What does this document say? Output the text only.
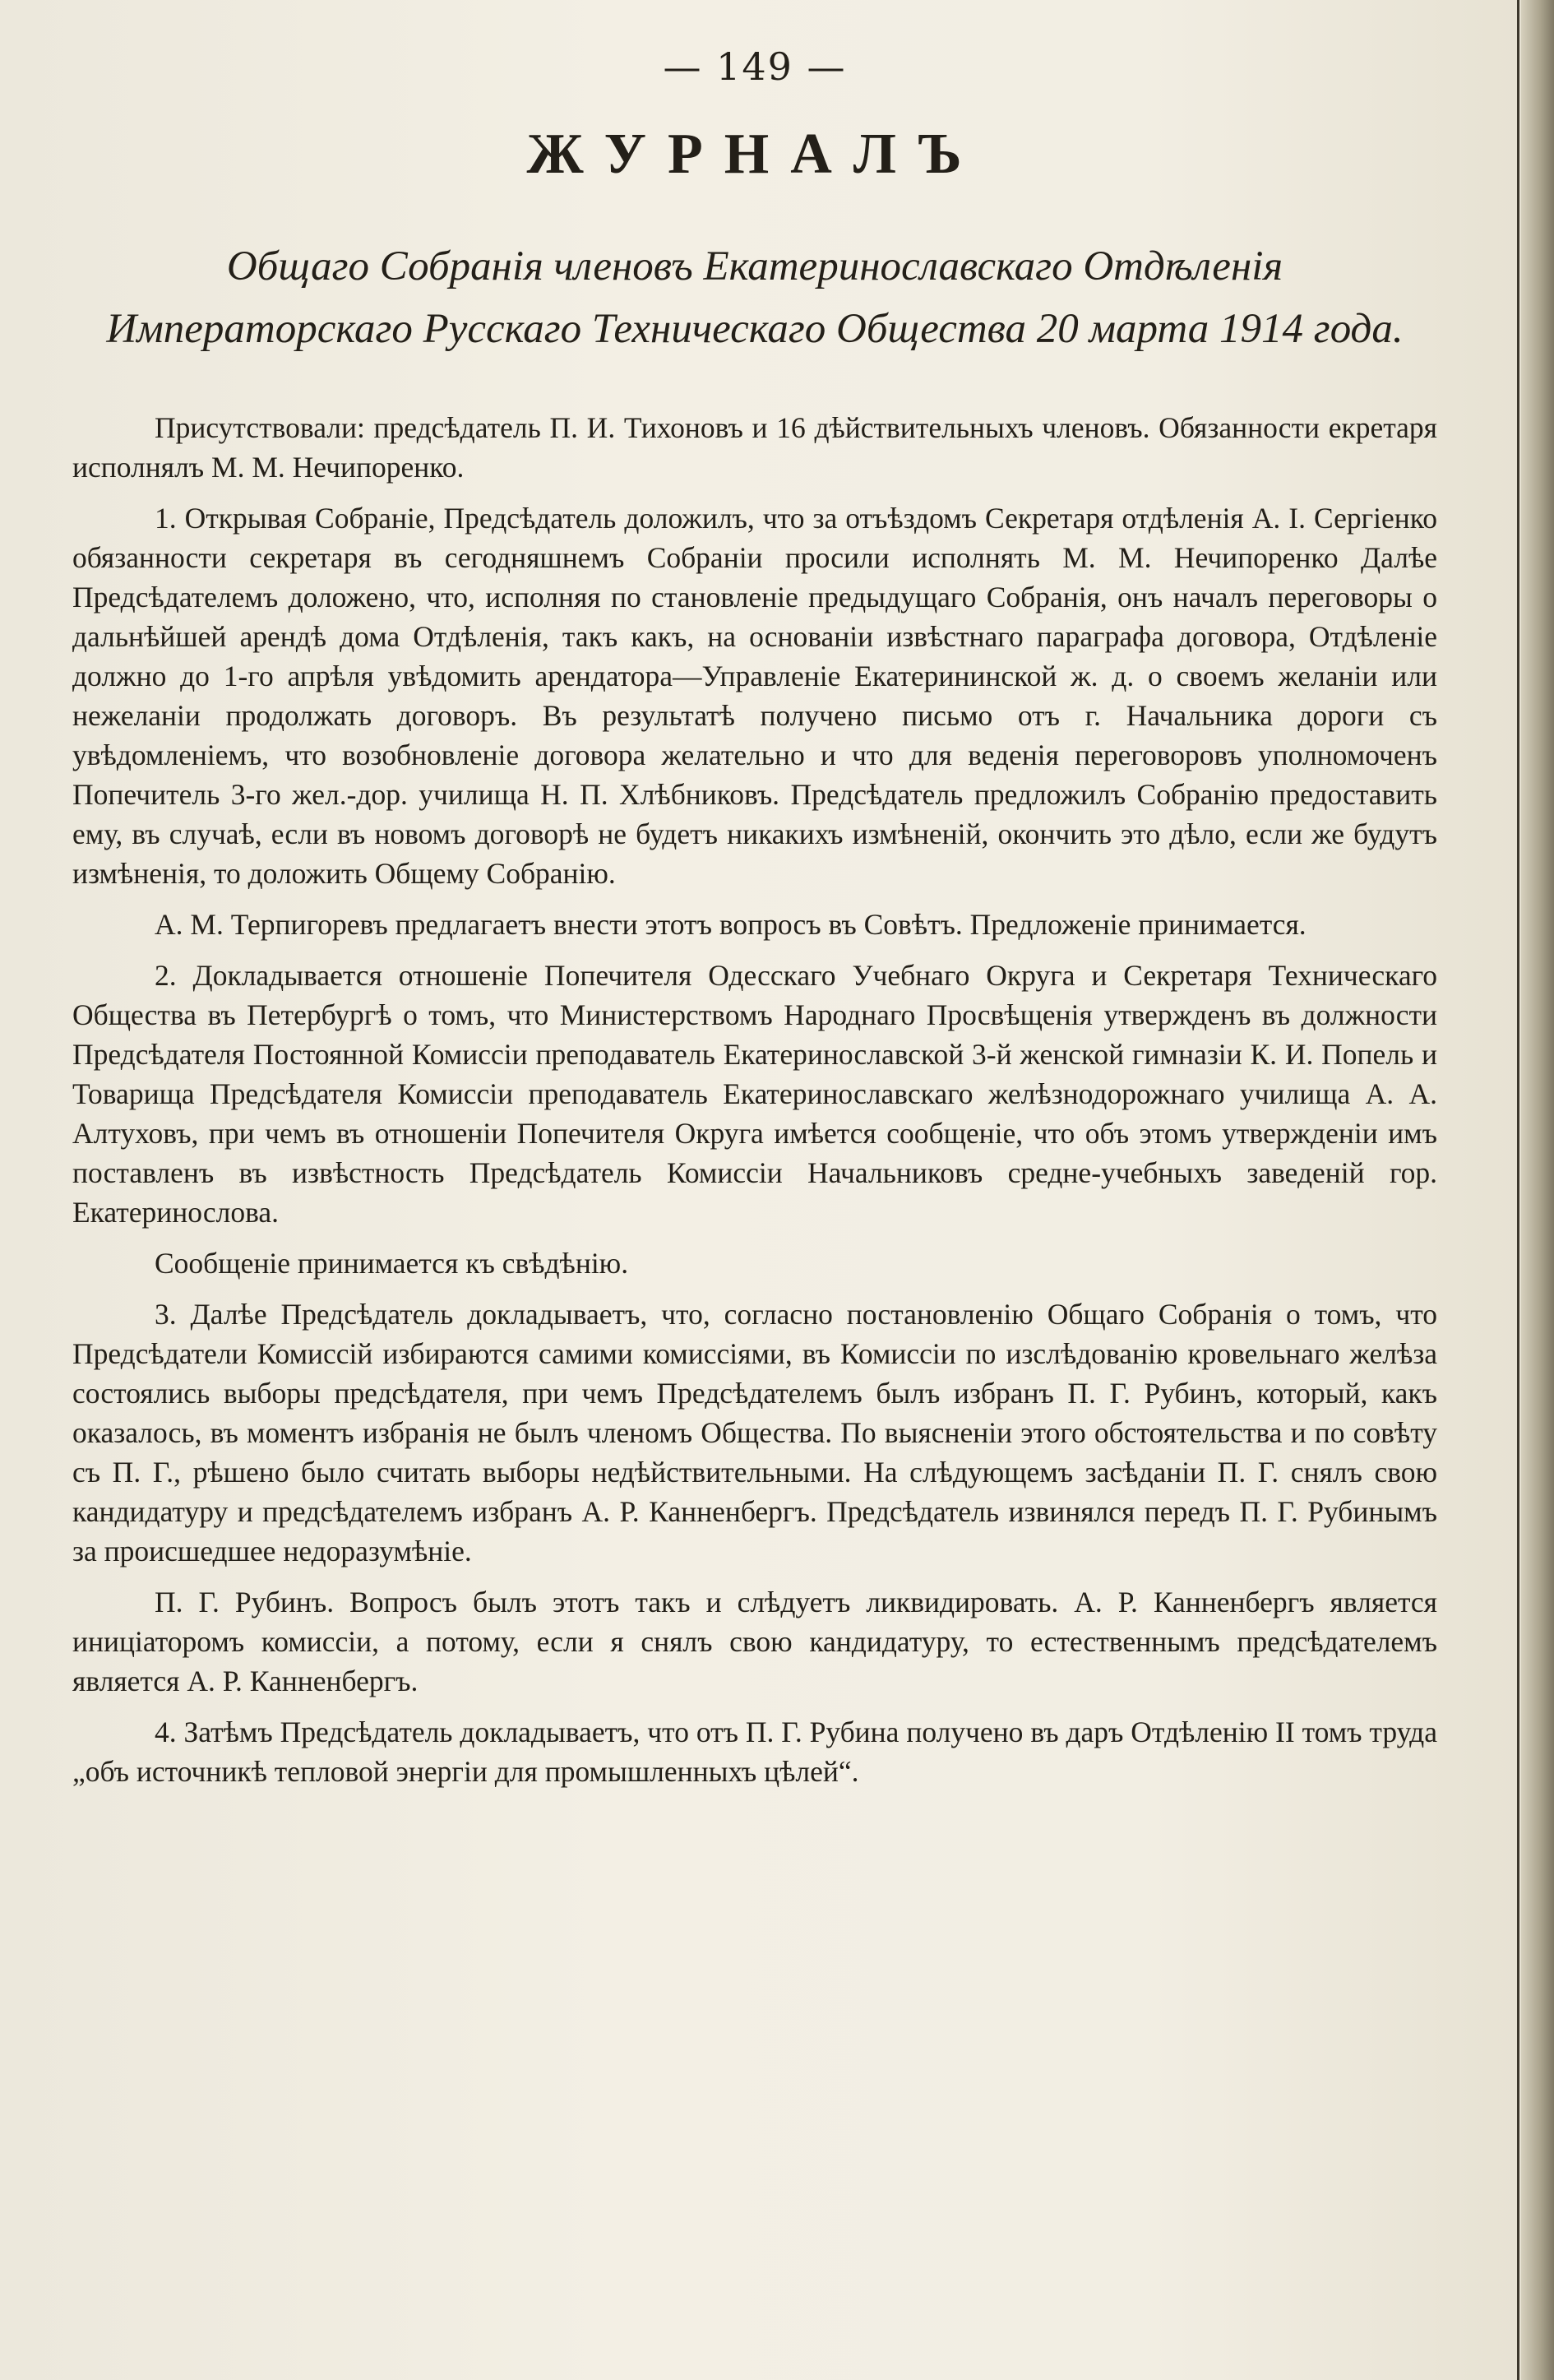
— 149 —
ЖУРНАЛЪ
Общаго Собранія членовъ Екатеринославскаго Отдѣленія Императорскаго Русскаго Техническаго Общества 20 марта 1914 года.

Присутствовали: предсѣдатель П. И. Тихоновъ и 16 дѣйствительныхъ членовъ. Обязанности екретаря исполнялъ М. М. Нечипоренко.

1. Открывая Собраніе, Предсѣдатель доложилъ, что за отъѣздомъ Секретаря отдѣленія А. I. Сергіенко обязанности секретаря въ сегодняшнемъ Собраніи просили исполнять М. М. Нечипоренко Далѣе Предсѣдателемъ доложено, что, исполняя по становленіе предыдущаго Собранія, онъ началъ переговоры о дальнѣйшей арендѣ дома Отдѣленія, такъ какъ, на основаніи извѣстнаго параграфа договора, Отдѣленіе должно до 1-го апрѣля увѣдомить арендатора—Управленіе Екатерининской ж. д. о своемъ желаніи или нежеланіи продолжать договоръ. Въ результатѣ получено письмо отъ г. Начальника дороги съ увѣдомленіемъ, что возобновленіе договора желательно и что для веденія переговоровъ уполномоченъ Попечитель 3-го жел.-дор. училища Н. П. Хлѣбниковъ. Предсѣдатель предложилъ Собранію предоставить ему, въ случаѣ, если въ новомъ договорѣ не будетъ никакихъ измѣненій, окончить это дѣло, если же будутъ измѣненія, то доложить Общему Собранію.

А. М. Терпигоревъ предлагаетъ внести этотъ вопросъ въ Совѣтъ. Предложеніе принимается.

2. Докладывается отношеніе Попечителя Одесскаго Учебнаго Округа и Секретаря Техническаго Общества въ Петербургѣ о томъ, что Министерствомъ Народнаго Просвѣщенія утвержденъ въ должности Предсѣдателя Постоянной Комиссіи преподаватель Екатеринославской 3-й женской гимназіи К. И. Попель и Товарища Предсѣдателя Комиссіи преподаватель Екатеринославскаго желѣзнодорожнаго училища А. А. Алтуховъ, при чемъ въ отношеніи Попечителя Округа имѣется сообщеніе, что объ этомъ утвержденіи имъ поставленъ въ извѣстность Предсѣдатель Комиссіи Начальниковъ средне-учебныхъ заведеній гор. Екатеринослова.

Сообщеніе принимается къ свѣдѣнію.

3. Далѣе Предсѣдатель докладываетъ, что, согласно постановленію Общаго Собранія о томъ, что Предсѣдатели Комиссій избираются самими комиссіями, въ Комиссіи по изслѣдованію кровельнаго желѣза состоялись выборы предсѣдателя, при чемъ Предсѣдателемъ былъ избранъ П. Г. Рубинъ, который, какъ оказалось, въ моментъ избранія не былъ членомъ Общества. По выясненіи этого обстоятельства и по совѣту съ П. Г., рѣшено было считать выборы недѣйствительными. На слѣдующемъ засѣданіи П. Г. снялъ свою кандидатуру и предсѣдателемъ избранъ А. Р. Канненбергъ. Предсѣдатель извинялся передъ П. Г. Рубинымъ за происшедшее недоразумѣніе.

П. Г. Рубинъ. Вопросъ былъ этотъ такъ и слѣдуетъ ликвидировать. А. Р. Канненбергъ является иниціаторомъ комиссіи, а потому, если я снялъ свою кандидатуру, то естественнымъ предсѣдателемъ является А. Р. Канненбергъ.

4. Затѣмъ Предсѣдатель докладываетъ, что отъ П. Г. Рубина получено въ даръ Отдѣленію II томъ труда „объ источникѣ тепловой энергіи для промышленныхъ цѣлей“.
